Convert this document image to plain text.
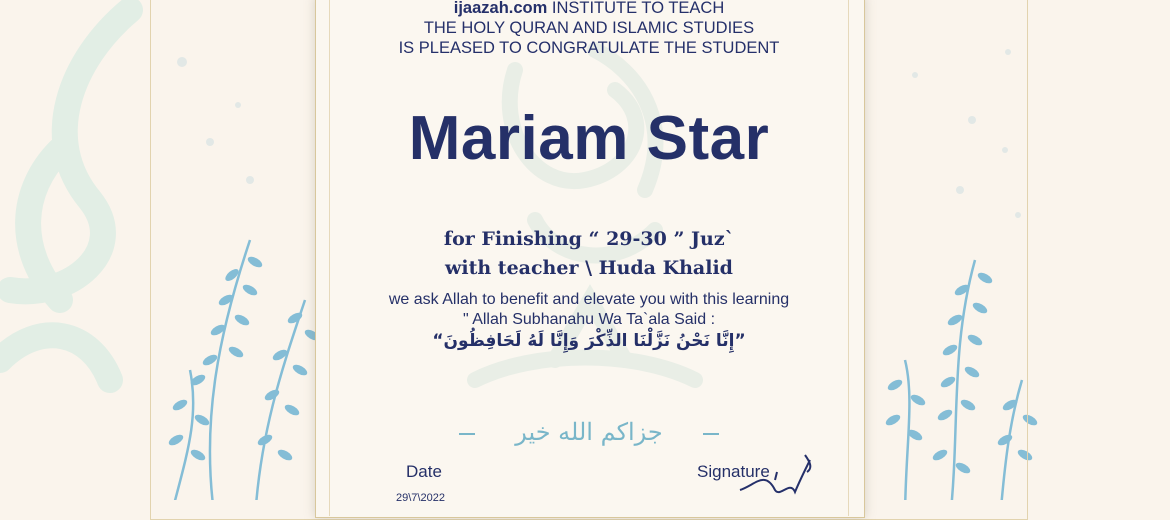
ijaazah.com INSTITUTE TO TEACH
THE HOLY QURAN AND ISLAMIC STUDIES
IS PLEASED TO CONGRATULATE THE STUDENT
Mariam Star
for Finishing “ 29-30 ” Juz`
with teacher \ Huda Khalid
we ask Allah to benefit and elevate you with this learning
" Allah Subhanahu Wa Ta`ala Said :
”إِنَّا نَحْنُ نَزَّلْنَا الذِّكْرَ وَإِنَّا لَهُ لَحَافِظُونَ“
جزاكم الله خير
Date
29\7\2022
Signature
